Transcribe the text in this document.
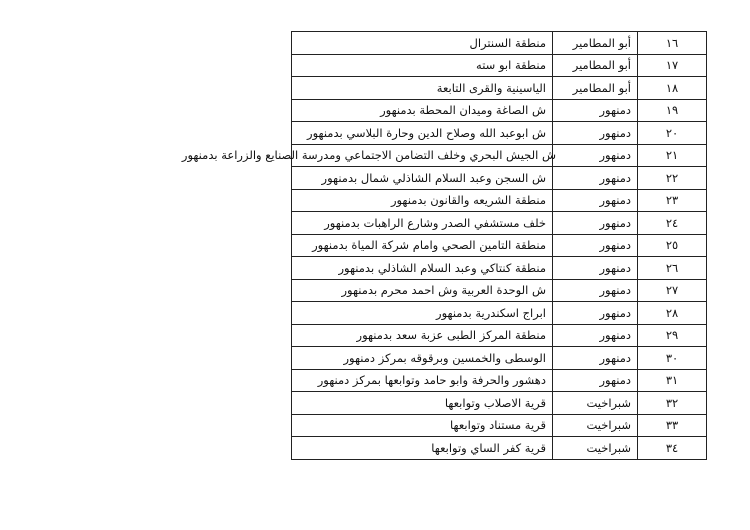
١٦	أبو المطامير	منطقة السنترال
١٧	أبو المطامير	منطقة ابو سته
١٨	أبو المطامير	الياسينية والقرى التابعة
١٩	دمنهور	ش الصاغة وميدان المحطة بدمنهور
٢٠	دمنهور	ش ابوعبد الله وصلاح الدين وحارة البلاسي بدمنهور
٢١	دمنهور	ش الجيش البحري وخلف التضامن الاجتماعي ومدرسة الصنايع والزراعة بدمنهور
٢٢	دمنهور	ش السجن وعبد السلام الشاذلي شمال بدمنهور
٢٣	دمنهور	منطقة الشريعه والقانون بدمنهور
٢٤	دمنهور	خلف مستشفي الصدر وشارع الراهبات بدمنهور
٢٥	دمنهور	منطقة التامين الصحي وامام شركة المياة بدمنهور
٢٦	دمنهور	منطقة كنتاكي وعبد السلام الشاذلي بدمنهور
٢٧	دمنهور	ش الوحدة العربية وش احمد محرم بدمنهور
٢٨	دمنهور	ابراج اسكندرية بدمنهور
٢٩	دمنهور	منطقة المركز الطبى عزبة سعد بدمنهور
٣٠	دمنهور	الوسطى والخمسين وبرقوقه بمركز دمنهور
٣١	دمنهور	دهشور والحرفة وابو حامد وتوابعها بمركز دمنهور
٣٢	شبراخيت	قرية الاصلاب وتوابعها
٣٣	شبراخيت	قرية مستناد وتوابعها
٣٤	شبراخيت	قرية كفر الساي وتوابعها
